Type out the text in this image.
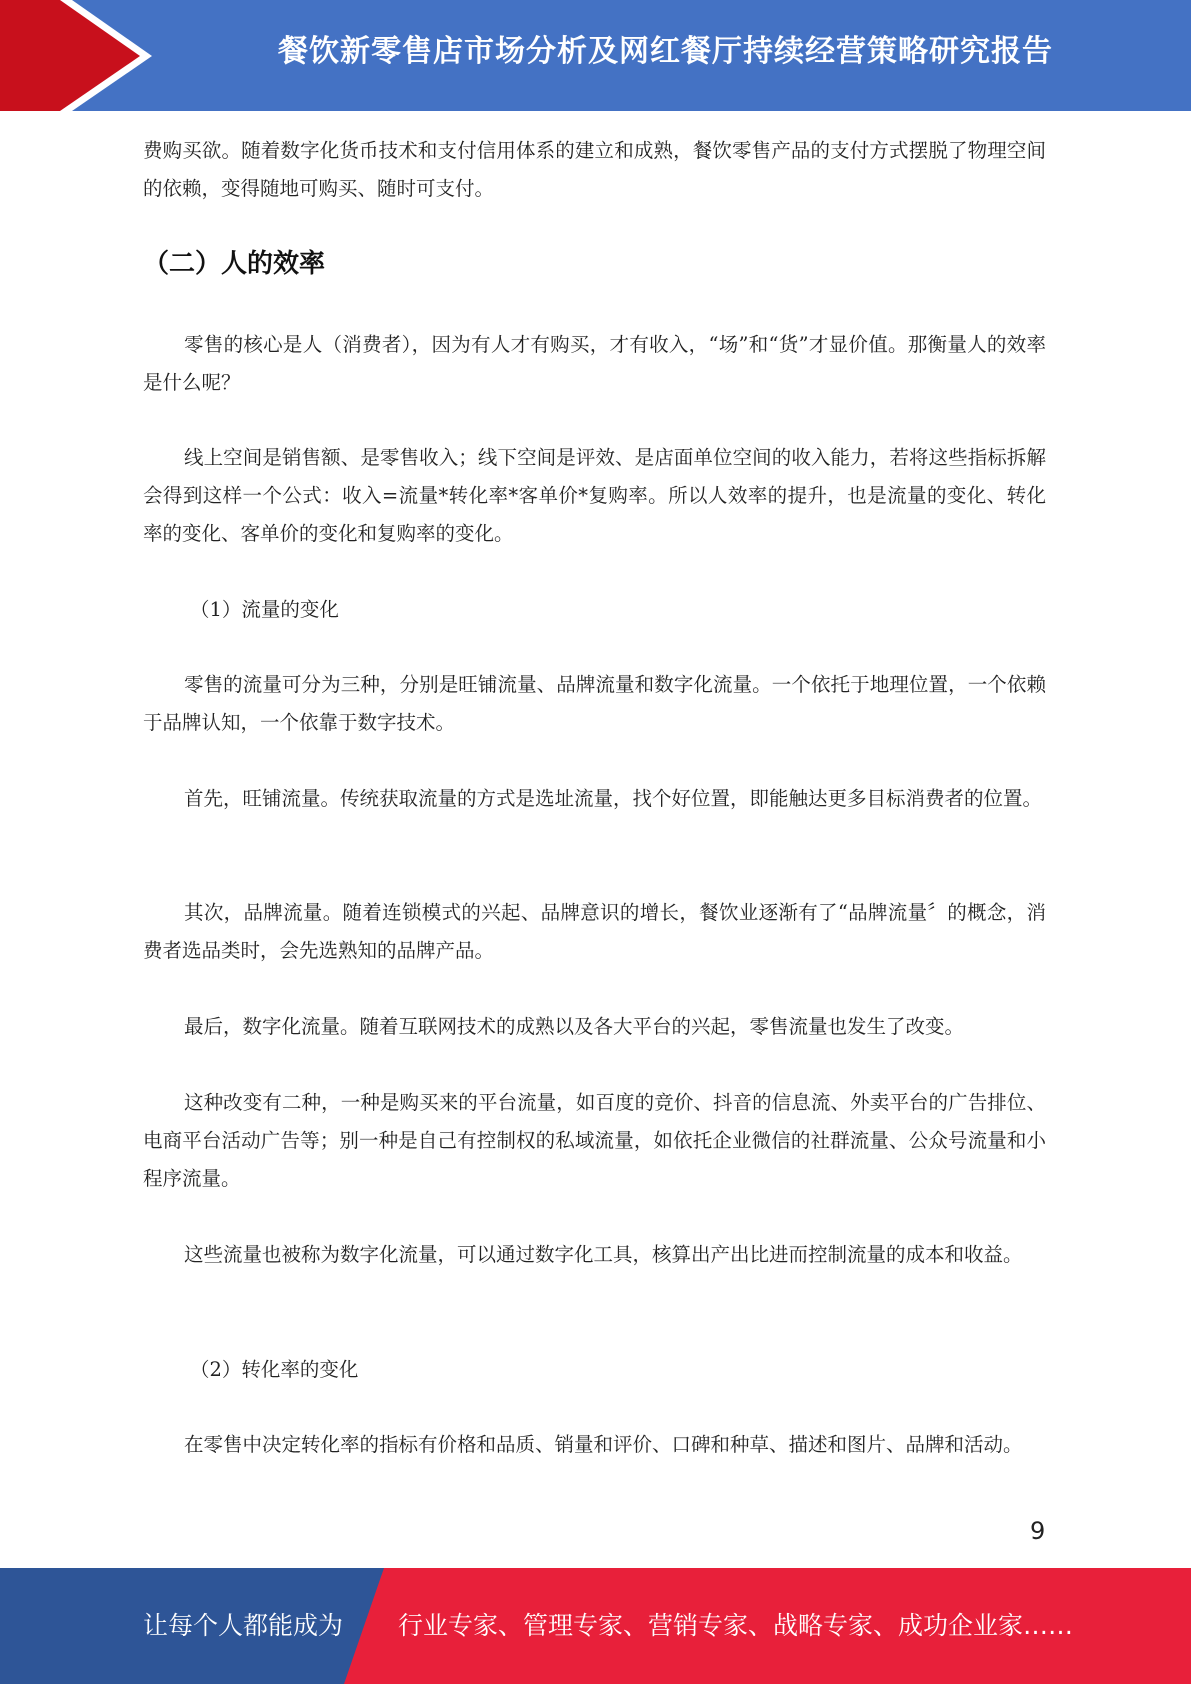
餐饮新零售店市场分析及网红餐厅持续经营策略研究报告

费购买欲。随着数字化货币技术和支付信用体系的建立和成熟，餐饮零售产品的支付方式摆脱了物理空间的依赖，变得随地可购买、随时可支付。

（二）人的效率

零售的核心是人（消费者），因为有人才有购买，才有收入，“场”和“货”才显价值。那衡量人的效率是什么呢？

线上空间是销售额、是零售收入；线下空间是评效、是店面单位空间的收入能力，若将这些指标拆解会得到这样一个公式：收入=流量*转化率*客单价*复购率。所以人效率的提升，也是流量的变化、转化率的变化、客单价的变化和复购率的变化。

（1）流量的变化

零售的流量可分为三种，分别是旺铺流量、品牌流量和数字化流量。一个依托于地理位置，一个依赖于品牌认知，一个依靠于数字技术。

首先，旺铺流量。传统获取流量的方式是选址流量，找个好位置，即能触达更多目标消费者的位置。

其次，品牌流量。随着连锁模式的兴起、品牌意识的增长，餐饮业逐渐有了“品牌流量〞的概念，消费者选品类时，会先选熟知的品牌产品。

最后，数字化流量。随着互联网技术的成熟以及各大平台的兴起，零售流量也发生了改变。

这种改变有二种，一种是购买来的平台流量，如百度的竞价、抖音的信息流、外卖平台的广告排位、电商平台活动广告等；别一种是自己有控制权的私域流量，如依托企业微信的社群流量、公众号流量和小程序流量。

这些流量也被称为数字化流量，可以通过数字化工具，核算出产出比进而控制流量的成本和收益。

（2）转化率的变化

在零售中决定转化率的指标有价格和品质、销量和评价、口碑和种草、描述和图片、品牌和活动。

9
让每个人都能成为 行业专家、管理专家、营销专家、战略专家、成功企业家……
